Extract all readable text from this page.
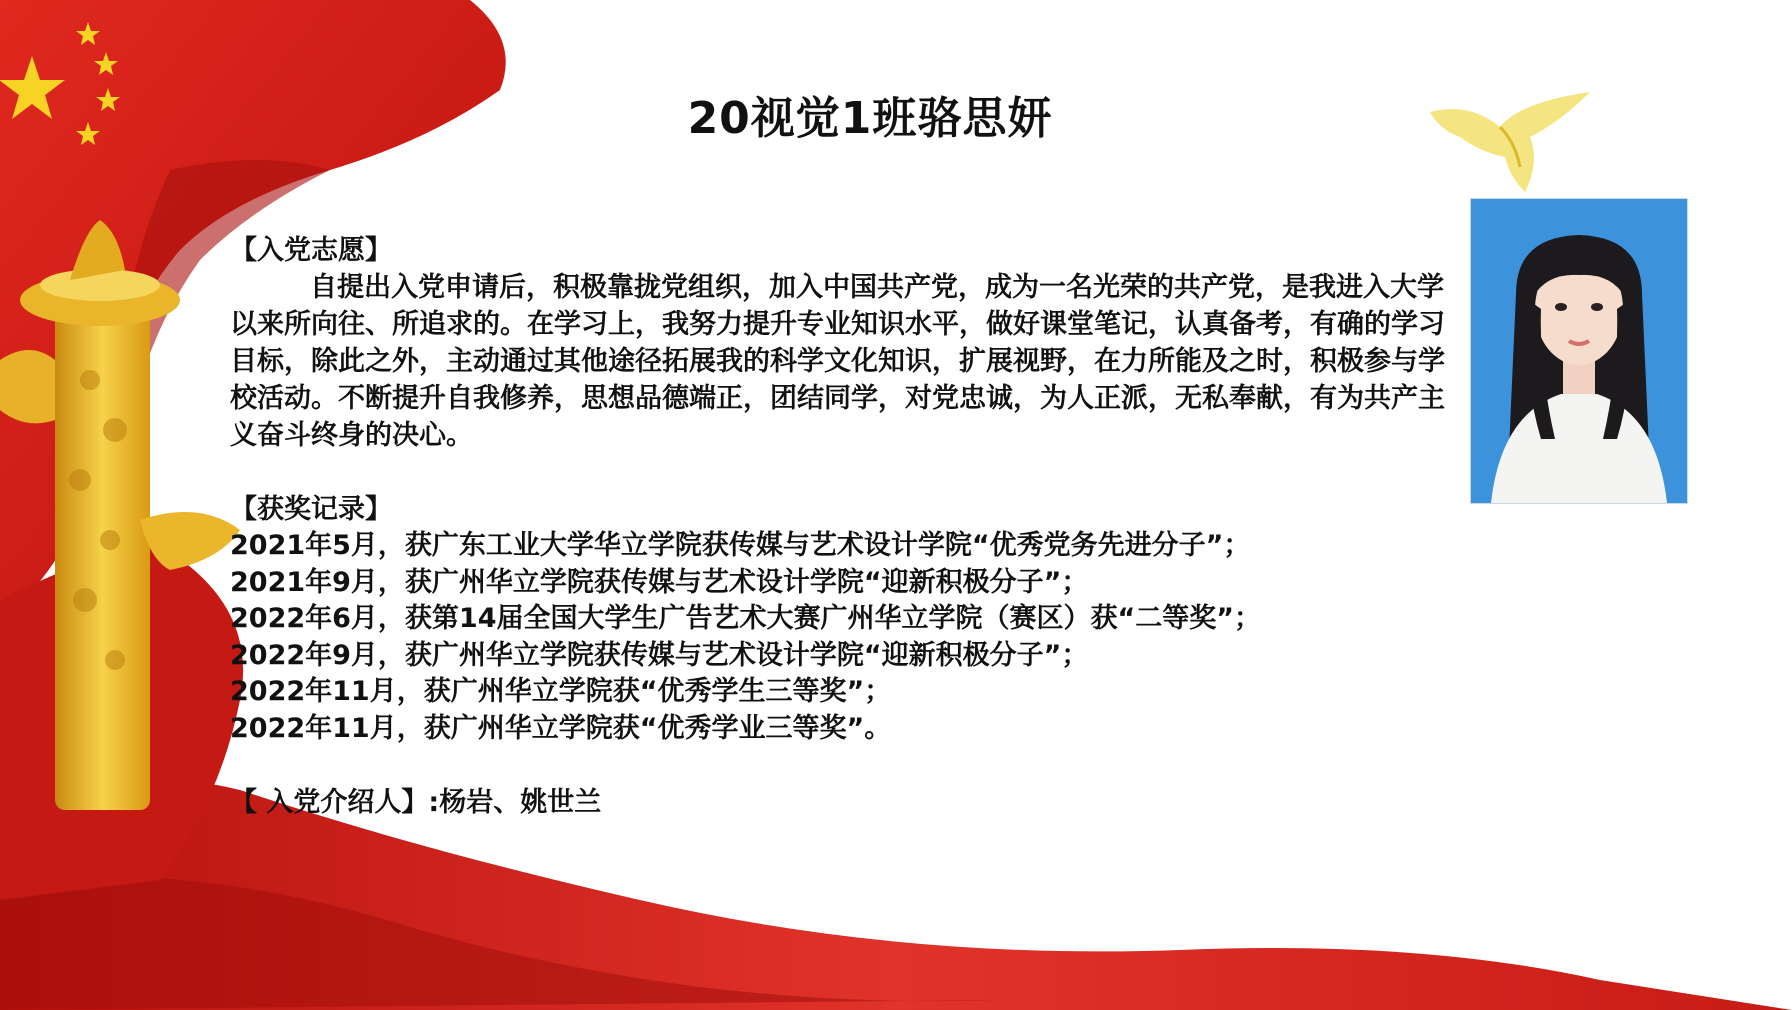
20视觉1班骆思妍
【入党志愿】

自提出入党申请后，积极靠拢党组织，加入中国共产党，成为一名光荣的共产党，是我进入大学以来所向往、所追求的。在学习上，我努力提升专业知识水平，做好课堂笔记，认真备考，有确的学习目标，除此之外，主动通过其他途径拓展我的科学文化知识，扩展视野，在力所能及之时，积极参与学校活动。不断提升自我修养，思想品德端正，团结同学，对党忠诚，为人正派，无私奉献，有为共产主义奋斗终身的决心。

【获奖记录】
2021年5月，获广东工业大学华立学院获传媒与艺术设计学院“优秀党务先进分子”；
2021年9月，获广州华立学院获传媒与艺术设计学院“迎新积极分子”；
2022年6月，获第14届全国大学生广告艺术大赛广州华立学院（赛区）获“二等奖”；
2022年9月，获广州华立学院获传媒与艺术设计学院“迎新积极分子”；
2022年11月，获广州华立学院获“优秀学生三等奖”；
2022年11月，获广州华立学院获“优秀学业三等奖”。
【 入党介绍人】:杨岩、姚世兰
